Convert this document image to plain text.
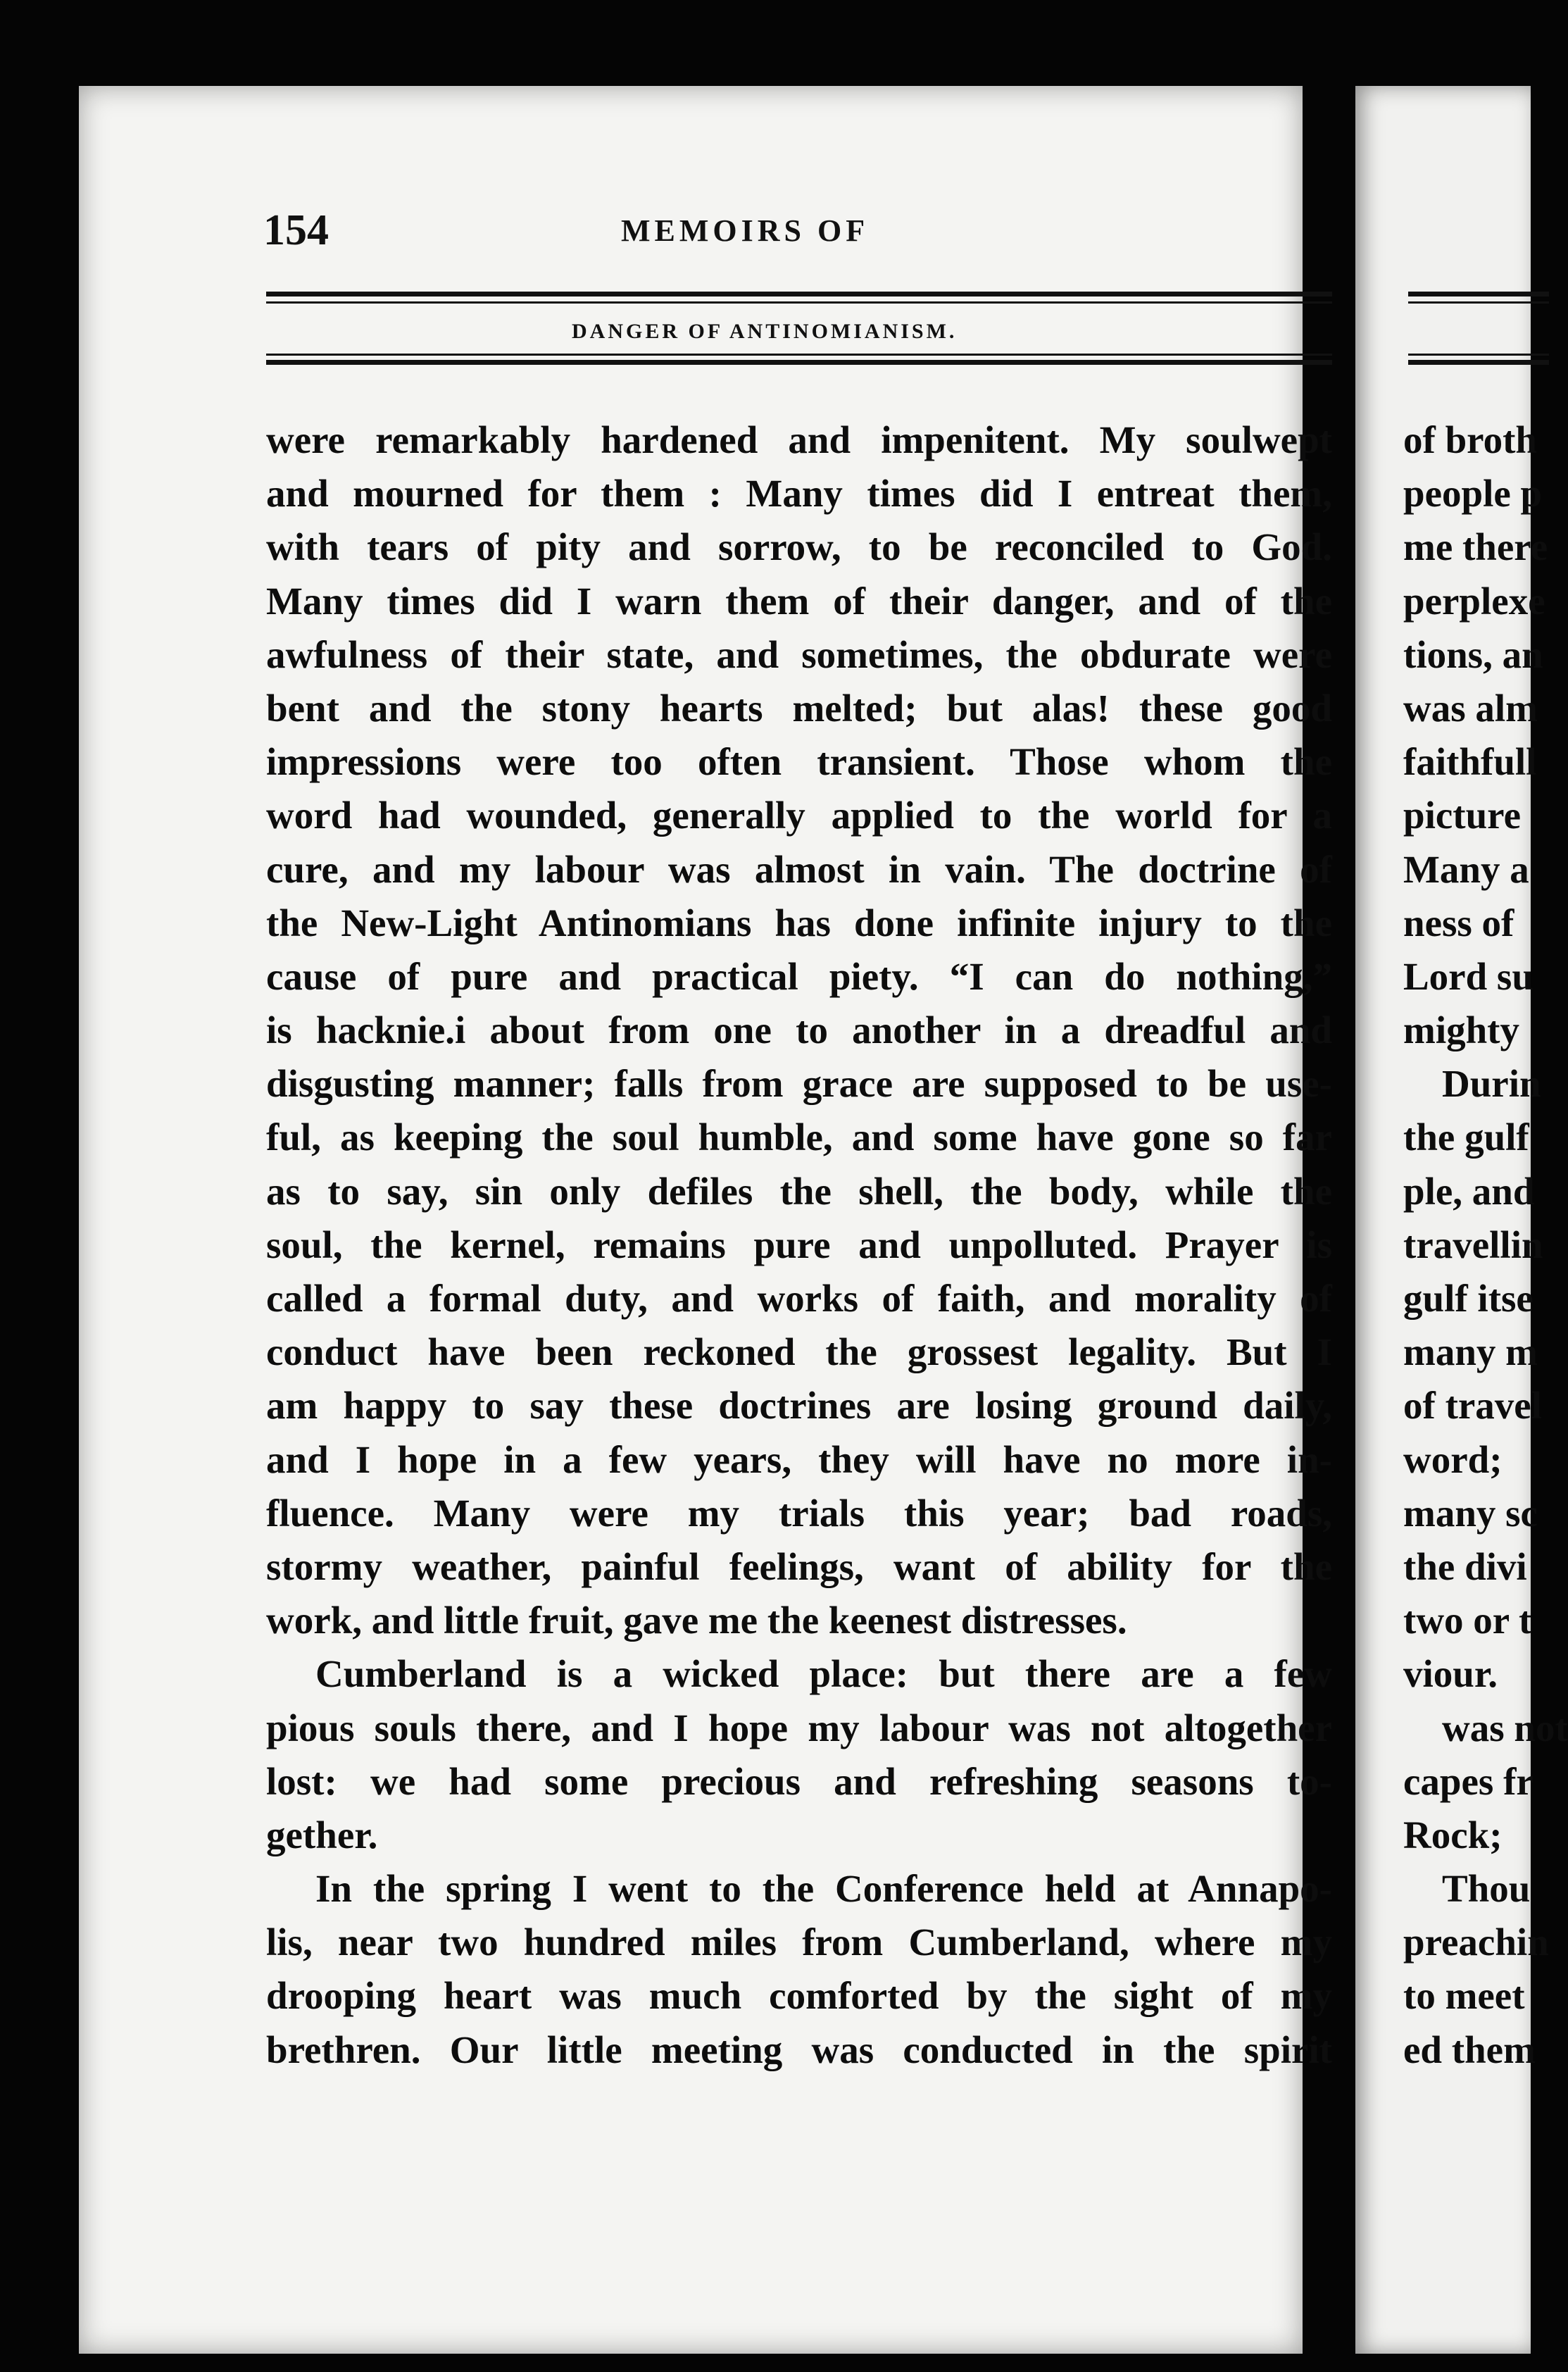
154	MEMOIRS OF
DANGER OF ANTINOMIANISM.
were remarkably hardened and impenitent. My soulwept
and mourned for them : Many times did I entreat them,
with tears of pity and sorrow, to be reconciled to God.
Many times did I warn them of their danger, and of the
awfulness of their state, and sometimes, the obdurate were
bent and the stony hearts melted; but alas! these good
impressions were too often transient. Those whom the
word had wounded, generally applied to the world for a
cure, and my labour was almost in vain. The doctrine of
the New-Light Antinomians has done infinite injury to the
cause of pure and practical piety. “I can do nothing,”
is hacknie.i about from one to another in a dreadful and
disgusting manner; falls from grace are supposed to be use-
ful, as keeping the soul humble, and some have gone so far
as to say, sin only defiles the shell, the body, while the
soul, the kernel, remains pure and unpolluted. Prayer is
called a formal duty, and works of faith, and morality of
conduct have been reckoned the grossest legality. But I
am happy to say these doctrines are losing ground daily,
and I hope in a few years, they will have no more in-
fluence. Many were my trials this year; bad roads,
stormy weather, painful feelings, want of ability for the
work, and little fruit, gave me the keenest distresses.
Cumberland is a wicked place: but there are a few
pious souls there, and I hope my labour was not altogether
lost: we had some precious and refreshing seasons to-
gether.
In the spring I went to the Conference held at Annapo-
lis, near two hundred miles from Cumberland, where my
drooping heart was much comforted by the sight of my
brethren. Our little meeting was conducted in the spirit
of broth
people p
me there
perplexe
tions, an
was alm
faithfull
picture
Many a
ness of
Lord su
mighty
Durin
the gulf
ple, and
travellin
gulf itse
many m
of travel
word;
many sc
the divi
two or t
viour.
was not
capes fr
Rock;
Thou
preachin
to meet
ed them
